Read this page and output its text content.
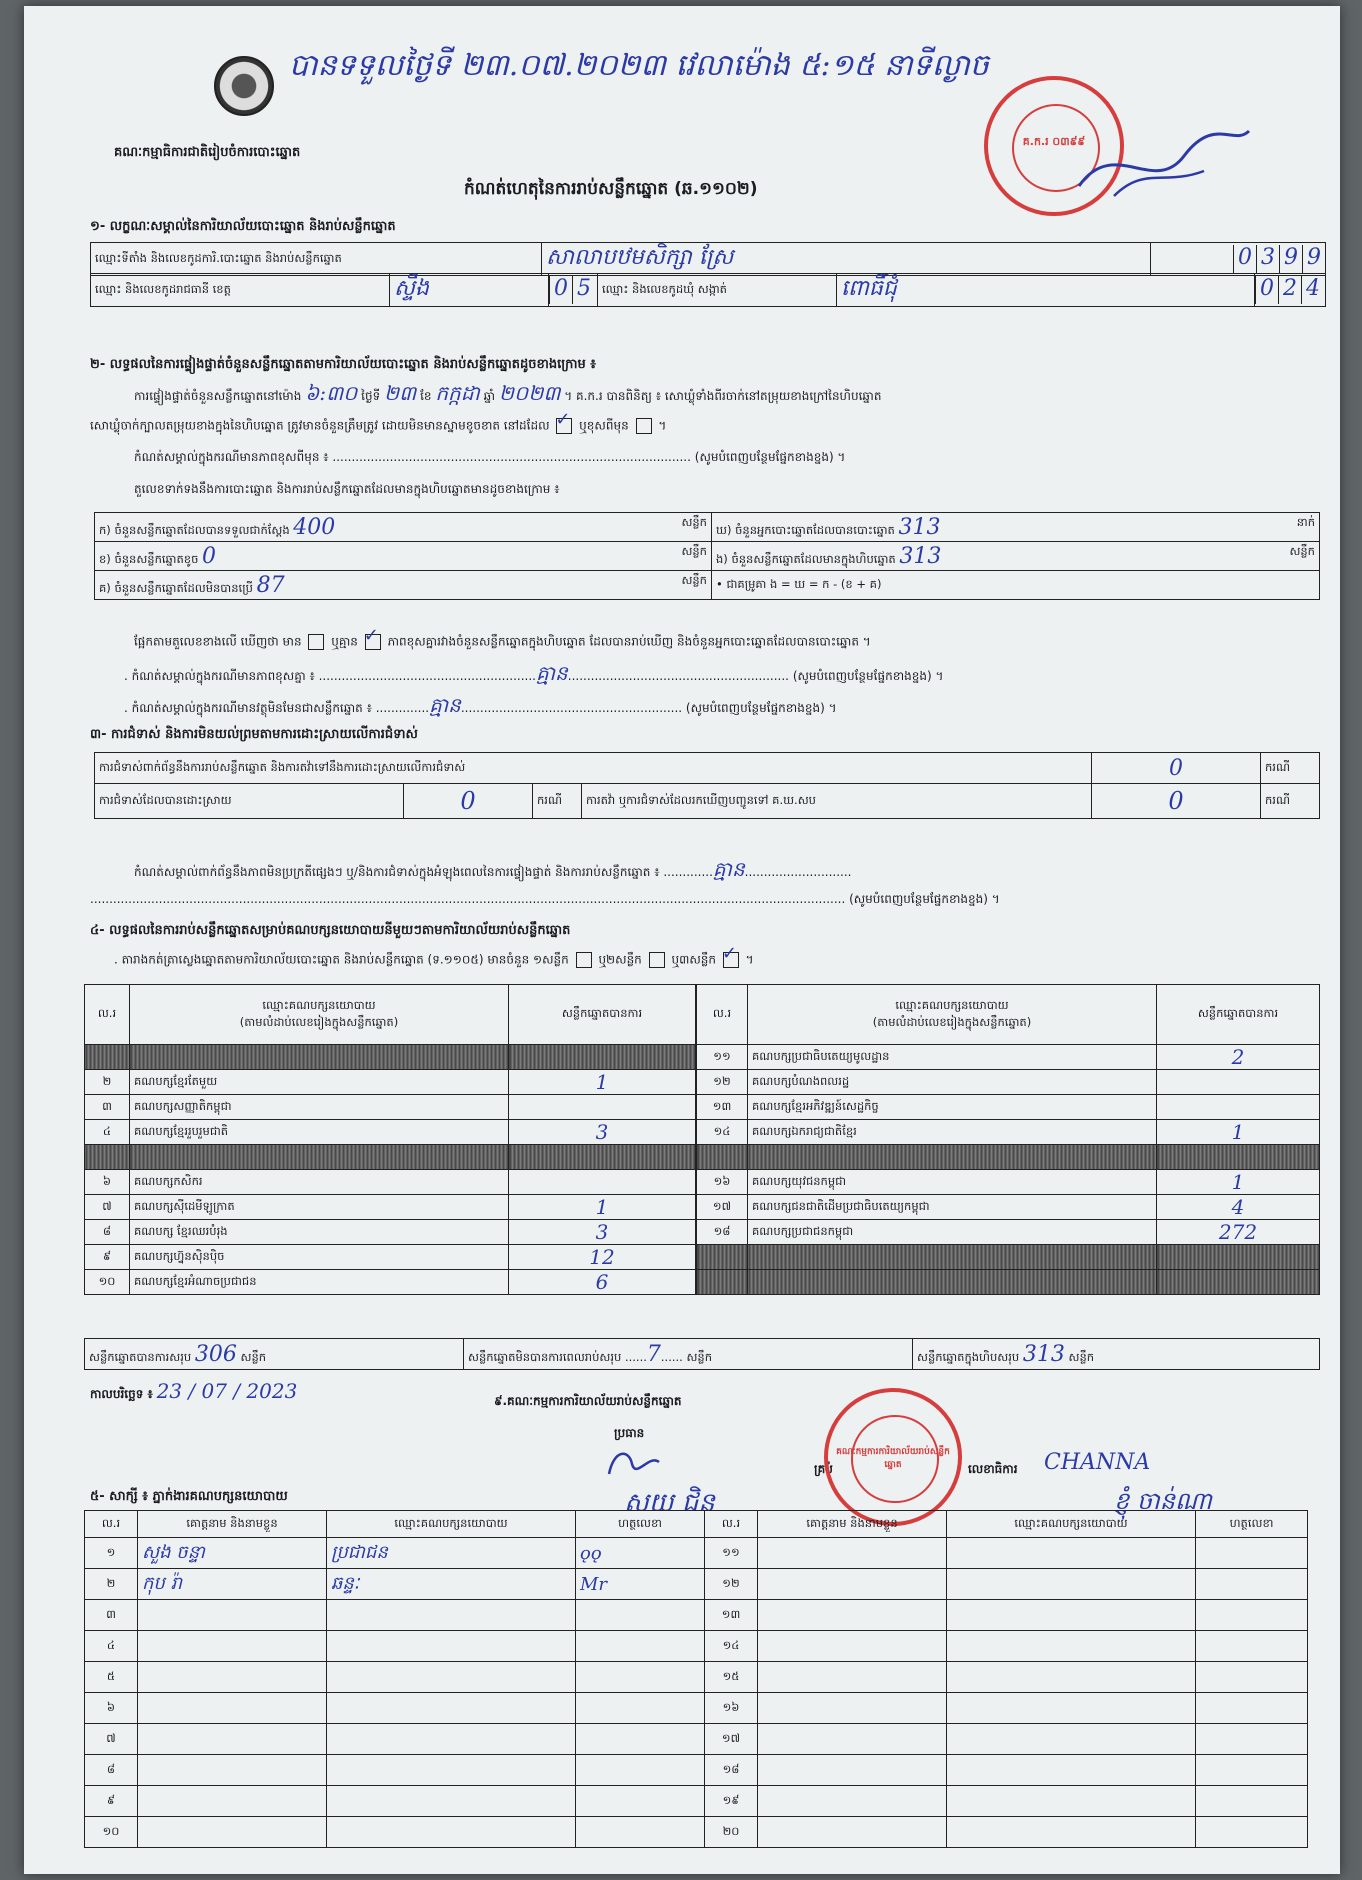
បានទទួលថ្ងៃទី ២៣.០៧.២០២៣ វេលាម៉ោង ៥:១៥ នាទីល្ងាច
គណៈកម្មាធិការជាតិរៀបចំការបោះឆ្នោត
កំណត់ហេតុនៃការរាប់សន្លឹកឆ្នោត (ឆ.១១០២)
គ.ក.រ ០៣៩៩
១- លក្ខណៈសម្គាល់នៃការិយាល័យបោះឆ្នោត និងរាប់សន្លឹកឆ្នោត
ឈ្មោះទីតាំង និងលេខកូដការិ.បោះឆ្នោត និងរាប់សន្លឹកឆ្នោត	សាលាបឋមសិក្សា ស្រែ	0 3 9 9
ឈ្មោះ និងលេខកូដរាជធានី ខេត្ត	ស្ទឹង	0 5	ឈ្មោះ និងលេខកូដឃុំ សង្កាត់	ពោធិ៍ជុំ	0 2 4
២- លទ្ធផលនៃការផ្ទៀងផ្ទាត់ចំនួនសន្លឹកឆ្នោតតាមការិយាល័យបោះឆ្នោត និងរាប់សន្លឹកឆ្នោតដូចខាងក្រោម ៖
ការផ្ទៀងផ្ទាត់ចំនួនសន្លឹកឆ្នោតនៅម៉ោង ៦:៣០ ថ្ងៃទី ២៣ ខែ កក្កដា ឆ្នាំ ២០២៣ ។ គ.ក.រ បានពិនិត្យ ៖ សោឃ្លុំទាំងពីរចាក់នៅតម្រុយខាងក្រៅនៃហិបឆ្នោត
សោឃ្លុំចាក់ក្បាលតម្រុយខាងក្នុងនៃហិបឆ្នោត ត្រូវមានចំនួនត្រឹមត្រូវ ដោយមិនមានស្នាមខូចខាត នៅដដែល ✓ ឬខុសពីមុន  ។
កំណត់សម្គាល់ក្នុងករណីមានភាពខុសពីមុន ៖ .............................................................................................. (សូមបំពេញបន្ថែមផ្នែកខាងខ្នង) ។
តួលេខទាក់ទងនឹងការបោះឆ្នោត និងការរាប់សន្លឹកឆ្នោតដែលមានក្នុងហិបឆ្នោតមានដូចខាងក្រោម ៖
ក) ចំនួនសន្លឹកឆ្នោតដែលបានទទួលជាក់ស្តែង 400 សន្លឹក	ឃ) ចំនួនអ្នកបោះឆ្នោតដែលបានបោះឆ្នោត 313 នាក់

ខ) ចំនួនសន្លឹកឆ្នោតខូច 0 សន្លឹក	ង) ចំនួនសន្លឹកឆ្នោតដែលមានក្នុងហិបឆ្នោត 313 សន្លឹក

គ) ចំនួនសន្លឹកឆ្នោតដែលមិនបានប្រើ 87 សន្លឹក	• ជាគម្រូគា ង = ឃ = ក - (ខ + គ)
ផ្អែកតាមតួលេខខាងលើ ឃើញថា មាន ឬគ្មាន ✓ ភាពខុសគ្នារវាងចំនួនសន្លឹកឆ្នោតក្នុងហិបឆ្នោត ដែលបានរាប់ឃើញ និងចំនួនអ្នកបោះឆ្នោតដែលបានបោះឆ្នោត ។
. កំណត់សម្គាល់ក្នុងករណីមានភាពខុសគ្នា ៖ .........................................................គ្មាន.......................................................... (សូមបំពេញបន្ថែមផ្នែកខាងខ្នង) ។
. កំណត់សម្គាល់ក្នុងករណីមានវត្ថុមិនមែនជាសន្លឹកឆ្នោត ៖ ..............គ្មាន.......................................................... (សូមបំពេញបន្ថែមផ្នែកខាងខ្នង) ។
៣- ការជំទាស់ និងការមិនយល់ព្រមតាមការដោះស្រាយលើការជំទាស់
ការជំទាស់ពាក់ព័ន្ធនឹងការរាប់សន្លឹកឆ្នោត និងការតវ៉ាទៅនឹងការដោះស្រាយលើការជំទាស់				0	ករណី
ការជំទាស់ដែលបានដោះស្រាយ	0	ករណី	ការតវ៉ា ឬការជំទាស់ដែលរកឃើញបញ្ជូនទៅ គ.ឃ.សប	0	ករណី
កំណត់សម្គាល់ពាក់ព័ន្ធនឹងភាពមិនប្រក្រតីផ្សេងៗ ឬ/និងការជំទាស់ក្នុងអំឡុងពេលនៃការផ្ទៀងផ្ទាត់ និងការរាប់សន្លឹកឆ្នោត ៖ .............គ្មាន............................
...................................................................................................................................................................................................... (សូមបំពេញបន្ថែមផ្នែកខាងខ្នង) ។
៤- លទ្ធផលនៃការរាប់សន្លឹកឆ្នោតសម្រាប់គណបក្សនយោបាយនីមួយៗតាមការិយាល័យរាប់សន្លឹកឆ្នោត
. តារាងកត់ត្រាស្លេងឆ្នោតតាមការិយាល័យបោះឆ្នោត និងរាប់សន្លឹកឆ្នោត (ទ.១១០៥) មានចំនួន ១សន្លឹក ឬ២សន្លឹក ឬ៣សន្លឹក ✓ ។
ល.រ	ឈ្មោះគណបក្សនយោបាយ
(តាមលំដាប់លេខរៀងក្នុងសន្លឹកឆ្នោត)	សន្លឹកឆ្នោតបានការ

២	គណបក្សខ្មែរតែមួយ	1
៣	គណបក្សសញ្ញាតិកម្ពុជា	
៤	គណបក្សខ្មែររួបរួមជាតិ	3

៦	គណបក្សកសិករ	
៧	គណបក្សស៊ីដេមីឡូក្រាត	1
៨	គណបក្ស ខ្មែរឈរបំរុង	3
៩	គណបក្សហ្វ៊ុនស៊ិនប៉ិច	12
១០	គណបក្សខ្មែរអំណាចប្រជាជន	6
ល.រ	ឈ្មោះគណបក្សនយោបាយ
(តាមលំដាប់លេខរៀងក្នុងសន្លឹកឆ្នោត)	សន្លឹកឆ្នោតបានការ
១១	គណបក្សប្រជាធិបតេយ្យមូលដ្ឋាន	2
១២	គណបក្សបំណងពលរដ្ឋ	
១៣	គណបក្សខ្មែរអភិវឌ្ឍន៍សេដ្ឋកិច្ច	
១៤	គណបក្សឯករាជ្យជាតិខ្មែរ	1

១៦	គណបក្សយុវជនកម្ពុជា	1
១៧	គណបក្សជនជាតិដើមប្រជាធិបតេយ្យកម្ពុជា	4
១៨	គណបក្សប្រជាជនកម្ពុជា	272

សន្លឹកឆ្នោតបានការសរុប 306 សន្លឹក	សន្លឹកឆ្នោតមិនបានការពេលរាប់សរុប ......7...... សន្លឹក	សន្លឹកឆ្នោតក្នុងហិបសរុប 313 សន្លឹក
កាលបរិច្ឆេទ ៖ 23 / 07 / 2023	៩.គណៈកម្មការការិយាល័យរាប់សន្លឹកឆ្នោត
ប្រធាន
សយ ជិន
គ្រប់
គណៈកម្មការការិយាល័យរាប់សន្លឹកឆ្នោត	លេខាធិការ CHANNA
ខ្ញុំ ចាន់ណា
៥- សាក្សី ៖ ភ្នាក់ងារគណបក្សនយោបាយ
ល.រ	គោត្តនាម និងនាមខ្លួន	ឈ្មោះគណបក្សនយោបាយ	ហត្ថលេខា	ល.រ	គោត្តនាម និងនាមខ្លួន	ឈ្មោះគណបក្សនយោបាយ	ហត្ថលេខា
១	សួង ចន្ទា	ប្រជាជន	ǫǫ	១១			
២	កុប រ៉ា	ឆន្ទៈ	Mr	១២			
៣				១៣			
៤				១៤			
៥				១៥			
៦				១៦			
៧				១៧			
៨				១៨			
៩				១៩			
១០				២០			
